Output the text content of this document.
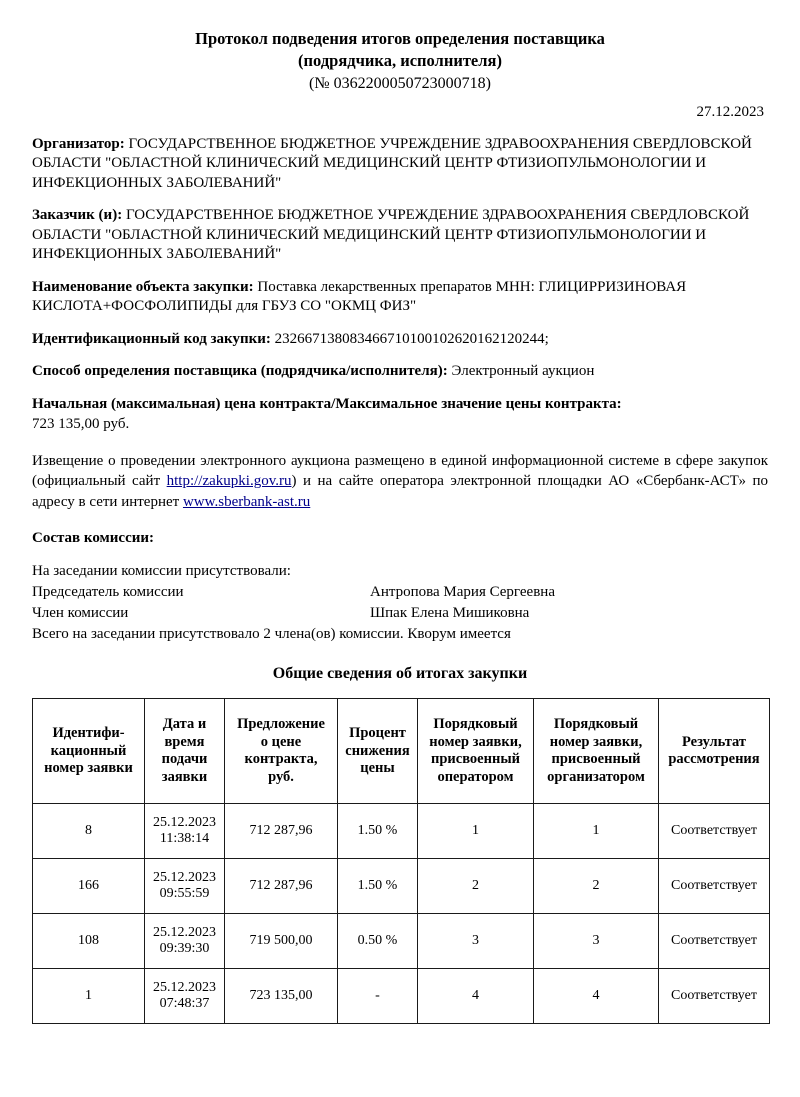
Протокол подведения итогов определения поставщика
(подрядчика, исполнителя)
(№ 0362200050723000718)
27.12.2023

Организатор: ГОСУДАРСТВЕННОЕ БЮДЖЕТНОЕ УЧРЕЖДЕНИЕ ЗДРАВООХРАНЕНИЯ СВЕРДЛОВСКОЙ ОБЛАСТИ "ОБЛАСТНОЙ КЛИНИЧЕСКИЙ МЕДИЦИНСКИЙ ЦЕНТР ФТИЗИОПУЛЬМОНОЛОГИИ И ИНФЕКЦИОННЫХ ЗАБОЛЕВАНИЙ"

Заказчик (и): ГОСУДАРСТВЕННОЕ БЮДЖЕТНОЕ УЧРЕЖДЕНИЕ ЗДРАВООХРАНЕНИЯ СВЕРДЛОВСКОЙ ОБЛАСТИ "ОБЛАСТНОЙ КЛИНИЧЕСКИЙ МЕДИЦИНСКИЙ ЦЕНТР ФТИЗИОПУЛЬМОНОЛОГИИ И ИНФЕКЦИОННЫХ ЗАБОЛЕВАНИЙ"

Наименование объекта закупки: Поставка лекарственных препаратов МНН: ГЛИЦИРРИЗИНОВАЯ КИСЛОТА+ФОСФОЛИПИДЫ для ГБУЗ СО "ОКМЦ ФИЗ"

Идентификационный код закупки: 232667138083466710100102620162120244;

Способ определения поставщика (подрядчика/исполнителя): Электронный аукцион

Начальная (максимальная) цена контракта/Максимальное значение цены контракта:
723 135,00 руб.

Извещение о проведении электронного аукциона размещено в единой информационной системе в сфере закупок (официальный сайт http://zakupki.gov.ru) и на сайте оператора электронной площадки АО «Сбербанк-АСТ» по адресу в сети интернет www.sberbank-ast.ru

Состав комиссии:

На заседании комиссии присутствовали:

Председатель комиссии	Антропова Мария Сергеевна
Член комиссии	Шпак Елена Мишиковна

Всего на заседании присутствовало 2 члена(ов) комиссии. Кворум имеется

Общие сведения об итогах закупки

Идентифи-
кационный
номер заявки	Дата и
время
подачи
заявки	Предложение
о цене
контракта,
руб.	Процент
снижения
цены	Порядковый
номер заявки,
присвоенный
оператором	Порядковый
номер заявки,
присвоенный
организатором	Результат
рассмотрения

8	25.12.2023
11:38:14	712 287,96	1.50 %	1	1	Соответствует
166	25.12.2023
09:55:59	712 287,96	1.50 %	2	2	Соответствует
108	25.12.2023
09:39:30	719 500,00	0.50 %	3	3	Соответствует
1	25.12.2023
07:48:37	723 135,00	-	4	4	Соответствует
